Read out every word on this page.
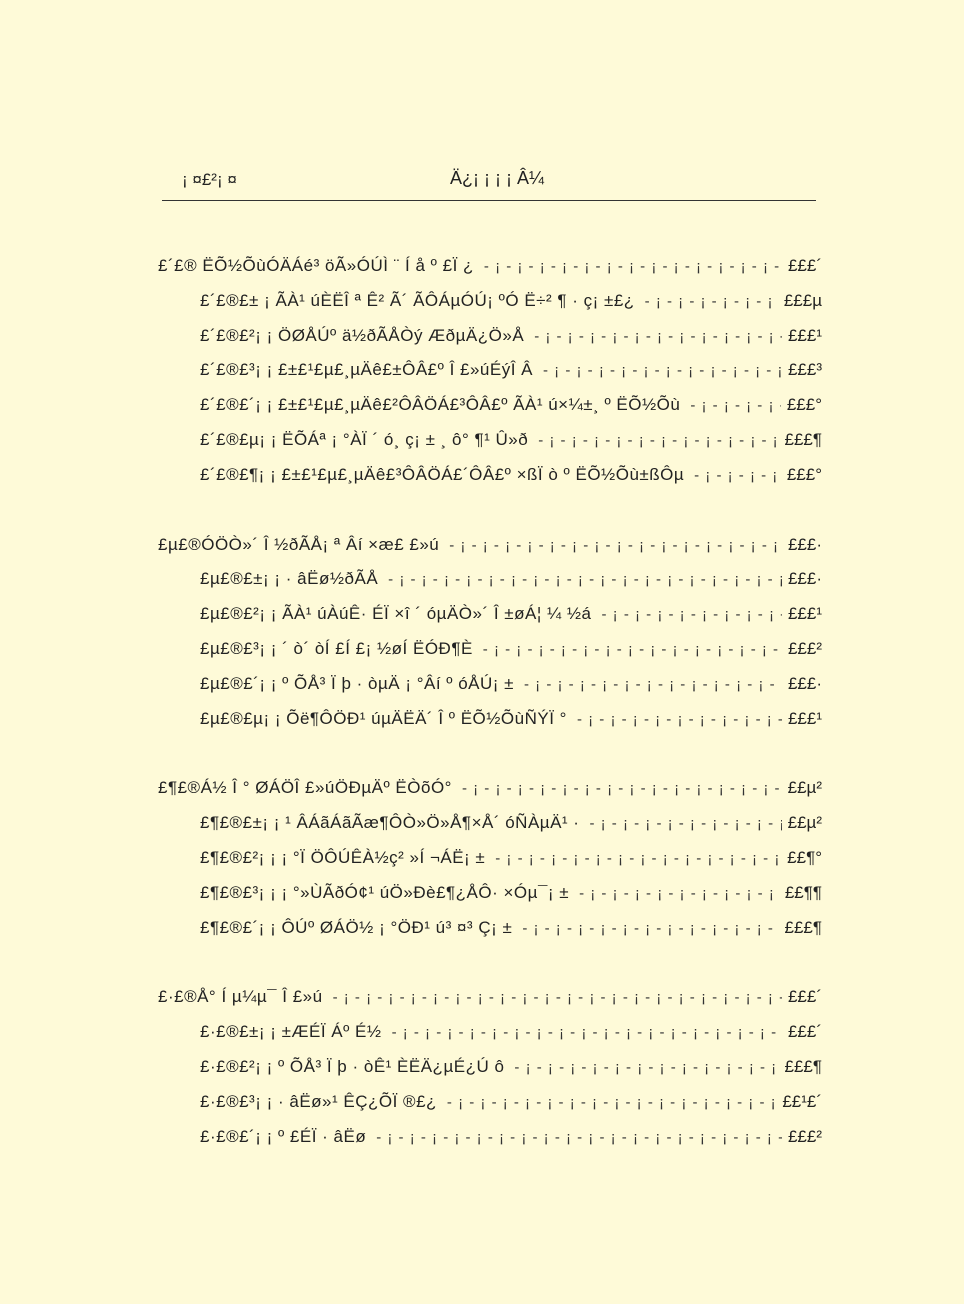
¡ ¤£²¡ ¤	Ä¿¡ ¡ ¡ ¡ Â¼
£´£® ËÕ½ÕùÓÄÁé³ öÃ»ÓÚÌ ¨ Í å º £Ï ¿ - ¡ - ¡ - ¡ - ¡ - ¡ - ¡ - ¡ - ¡ - ¡ - ¡ - ¡ - ¡ - ¡ - ¡ - ¡ - ¡ - ¡ - ¡ - ¡ - ¡ - ¡ - ¡ - ¡ - ¡ - ¡ - ¡ - ¡ - ¡ - ¡ - ¡ - ¡ - ¡ - ¡ - ¡ -	£££´
£´£®£± ¡ ÃÀ¹ úÈËÎ ª Ê² Ã´ ÃÔÁµÓÚ¡ ºÓ Ë÷² ¶ · ç¡ ±£¿ - ¡ - ¡ - ¡ - ¡ - ¡ - ¡ - ¡ - ¡ - ¡ - ¡ - ¡ - ¡ - ¡ - ¡ - ¡ - ¡ - ¡ - ¡ - ¡ - ¡ - ¡ - ¡ - ¡ - ¡ - ¡ - ¡ - ¡ - ¡ - ¡ - ¡ - ¡ - ¡ - ¡ - ¡ -	£££µ
£´£®£²¡ ¡ ÖØÅÚº ä½ðÃÅÒý ÆðµÄ¿Ö»Å - ¡ - ¡ - ¡ - ¡ - ¡ - ¡ - ¡ - ¡ - ¡ - ¡ - ¡ - ¡ - ¡ - ¡ - ¡ - ¡ - ¡ - ¡ - ¡ - ¡ - ¡ - ¡ - ¡ - ¡ - ¡ - ¡ - ¡ - ¡ - ¡ - ¡ - ¡ - ¡ - ¡ - ¡ -	£££¹
£´£®£³¡ ¡ £±£¹£µ£¸µÄê£±ÔÂ£º Î £»úÉýÎ Â - ¡ - ¡ - ¡ - ¡ - ¡ - ¡ - ¡ - ¡ - ¡ - ¡ - ¡ - ¡ - ¡ - ¡ - ¡ - ¡ - ¡ - ¡ - ¡ - ¡ - ¡ - ¡ - ¡ - ¡ - ¡ - ¡ - ¡ - ¡ - ¡ - ¡ - ¡ - ¡ - ¡ - ¡ -	£££³
£´£®£´¡ ¡ £±£¹£µ£¸µÄê£²ÔÂÖÁ£³ÔÂ£º ÃÀ¹ ú×¼±¸ º ËÕ½Õù - ¡ - ¡ - ¡ - ¡ - ¡ - ¡ - ¡ - ¡ - ¡ - ¡ - ¡ - ¡ - ¡ - ¡ - ¡ - ¡ - ¡ - ¡ - ¡ - ¡ - ¡ - ¡ - ¡ - ¡ - ¡ - ¡ - ¡ - ¡ - ¡ - ¡ - ¡ - ¡ - ¡ - ¡ -	£££°
£´£®£µ¡ ¡ ËÕÁª ¡ °ÀÏ ´ ó¸ ç¡ ± ¸ ô° ¶¹ Û»ð - ¡ - ¡ - ¡ - ¡ - ¡ - ¡ - ¡ - ¡ - ¡ - ¡ - ¡ - ¡ - ¡ - ¡ - ¡ - ¡ - ¡ - ¡ - ¡ - ¡ - ¡ - ¡ - ¡ - ¡ - ¡ - ¡ - ¡ - ¡ - ¡ - ¡ - ¡ - ¡ - ¡ - ¡ -	£££¶
£´£®£¶¡ ¡ £±£¹£µ£¸µÄê£³ÔÂÖÁ£´ÔÂ£º ×ßÏ ò º ËÕ½Õù±ßÔµ - ¡ - ¡ - ¡ - ¡ - ¡ - ¡ - ¡ - ¡ - ¡ - ¡ - ¡ - ¡ - ¡ - ¡ - ¡ - ¡ - ¡ - ¡ - ¡ - ¡ - ¡ - ¡ - ¡ - ¡ - ¡ - ¡ - ¡ - ¡ - ¡ - ¡ - ¡ - ¡ - ¡ - ¡ -	£££°
£µ£®ÓÖÒ»´ Î ½ðÃÅ¡ ª Âí ×æ£ £»ú - ¡ - ¡ - ¡ - ¡ - ¡ - ¡ - ¡ - ¡ - ¡ - ¡ - ¡ - ¡ - ¡ - ¡ - ¡ - ¡ - ¡ - ¡ - ¡ - ¡ - ¡ - ¡ - ¡ - ¡ - ¡ - ¡ - ¡ - ¡ - ¡ - ¡ - ¡ - ¡ - ¡ - ¡ -	£££·
£µ£®£±¡ ¡ · âËø½ðÃÅ - ¡ - ¡ - ¡ - ¡ - ¡ - ¡ - ¡ - ¡ - ¡ - ¡ - ¡ - ¡ - ¡ - ¡ - ¡ - ¡ - ¡ - ¡ - ¡ - ¡ - ¡ - ¡ - ¡ - ¡ - ¡ - ¡ - ¡ - ¡ - ¡ - ¡ - ¡ - ¡ - ¡ - ¡ -	£££·
£µ£®£²¡ ¡ ÃÀ¹ úÀúÊ· ÉÏ ×î ´ óµÄÒ»´ Î ±øÁ¦ ¼ ½á - ¡ - ¡ - ¡ - ¡ - ¡ - ¡ - ¡ - ¡ - ¡ - ¡ - ¡ - ¡ - ¡ - ¡ - ¡ - ¡ - ¡ - ¡ - ¡ - ¡ - ¡ - ¡ - ¡ - ¡ - ¡ - ¡ - ¡ - ¡ - ¡ - ¡ - ¡ - ¡ - ¡ - ¡ -	£££¹
£µ£®£³¡ ¡ ´ ò´ òÍ £Í £¡ ½øÍ ËÓÐ¶È - ¡ - ¡ - ¡ - ¡ - ¡ - ¡ - ¡ - ¡ - ¡ - ¡ - ¡ - ¡ - ¡ - ¡ - ¡ - ¡ - ¡ - ¡ - ¡ - ¡ - ¡ - ¡ - ¡ - ¡ - ¡ - ¡ - ¡ - ¡ - ¡ - ¡ - ¡ - ¡ - ¡ - ¡ -	£££²
£µ£®£´¡ ¡ º ÕÅ³ Ï þ · òµÄ ¡ °Âí º óÅÚ¡ ± - ¡ - ¡ - ¡ - ¡ - ¡ - ¡ - ¡ - ¡ - ¡ - ¡ - ¡ - ¡ - ¡ - ¡ - ¡ - ¡ - ¡ - ¡ - ¡ - ¡ - ¡ - ¡ - ¡ - ¡ - ¡ - ¡ - ¡ - ¡ - ¡ - ¡ - ¡ - ¡ - ¡ - ¡ -	£££·
£µ£®£µ¡ ¡ Õë¶ÔÖÐ¹ úµÄËÄ´ Î º ËÕ½ÕùÑÝÏ ° - ¡ - ¡ - ¡ - ¡ - ¡ - ¡ - ¡ - ¡ - ¡ - ¡ - ¡ - ¡ - ¡ - ¡ - ¡ - ¡ - ¡ - ¡ - ¡ - ¡ - ¡ - ¡ - ¡ - ¡ - ¡ - ¡ - ¡ - ¡ - ¡ - ¡ - ¡ - ¡ - ¡ - ¡ -	£££¹
£¶£®Á½ Î ° ØÁÖÎ £»úÖÐµÄº ËÒõÓ° - ¡ - ¡ - ¡ - ¡ - ¡ - ¡ - ¡ - ¡ - ¡ - ¡ - ¡ - ¡ - ¡ - ¡ - ¡ - ¡ - ¡ - ¡ - ¡ - ¡ - ¡ - ¡ - ¡ - ¡ - ¡ - ¡ - ¡ - ¡ - ¡ - ¡ - ¡ - ¡ - ¡ - ¡ -	££µ²
£¶£®£±¡ ¡ ¹ ÂÁãÁãÃæ¶ÔÒ»Ö»Å¶×Å´ óÑÀµÄ¹ · - ¡ - ¡ - ¡ - ¡ - ¡ - ¡ - ¡ - ¡ - ¡ - ¡ - ¡ - ¡ - ¡ - ¡ - ¡ - ¡ - ¡ - ¡ - ¡ - ¡ - ¡ - ¡ - ¡ - ¡ - ¡ - ¡ - ¡ - ¡ - ¡ - ¡ - ¡ - ¡ - ¡ - ¡ -	££µ²
£¶£®£²¡ ¡ ¡ °Ï ÖÔÚÊÀ½ç² »Í ¬ÁË¡ ± - ¡ - ¡ - ¡ - ¡ - ¡ - ¡ - ¡ - ¡ - ¡ - ¡ - ¡ - ¡ - ¡ - ¡ - ¡ - ¡ - ¡ - ¡ - ¡ - ¡ - ¡ - ¡ - ¡ - ¡ - ¡ - ¡ - ¡ - ¡ - ¡ - ¡ - ¡ - ¡ - ¡ - ¡ -	££¶°
£¶£®£³¡ ¡ ¡ °»ÙÃðÓ¢¹ úÖ»Ðè£¶¿ÅÔ· ×Óµ¯¡ ± - ¡ - ¡ - ¡ - ¡ - ¡ - ¡ - ¡ - ¡ - ¡ - ¡ - ¡ - ¡ - ¡ - ¡ - ¡ - ¡ - ¡ - ¡ - ¡ - ¡ - ¡ - ¡ - ¡ - ¡ - ¡ - ¡ - ¡ - ¡ - ¡ - ¡ - ¡ - ¡ - ¡ - ¡ -	££¶¶
£¶£®£´¡ ¡ ÔÚº ØÁÖ½ ¡ °ÖÐ¹ ú³ ¤³ Ç¡ ± - ¡ - ¡ - ¡ - ¡ - ¡ - ¡ - ¡ - ¡ - ¡ - ¡ - ¡ - ¡ - ¡ - ¡ - ¡ - ¡ - ¡ - ¡ - ¡ - ¡ - ¡ - ¡ - ¡ - ¡ - ¡ - ¡ - ¡ - ¡ - ¡ - ¡ - ¡ - ¡ - ¡ - ¡ -	£££¶
£·£®Å° Í µ¼µ¯ Î £»ú - ¡ - ¡ - ¡ - ¡ - ¡ - ¡ - ¡ - ¡ - ¡ - ¡ - ¡ - ¡ - ¡ - ¡ - ¡ - ¡ - ¡ - ¡ - ¡ - ¡ - ¡ - ¡ - ¡ - ¡ - ¡ - ¡ - ¡ - ¡ - ¡ - ¡ - ¡ - ¡ - ¡ - ¡ -	£££´
£·£®£±¡ ¡ ±ÆÉÏ Áº É½ - ¡ - ¡ - ¡ - ¡ - ¡ - ¡ - ¡ - ¡ - ¡ - ¡ - ¡ - ¡ - ¡ - ¡ - ¡ - ¡ - ¡ - ¡ - ¡ - ¡ - ¡ - ¡ - ¡ - ¡ - ¡ - ¡ - ¡ - ¡ - ¡ - ¡ - ¡ - ¡ - ¡ - ¡ -	£££´
£·£®£²¡ ¡ º ÕÅ³ Ï þ · òÊ¹ ÈËÄ¿µÉ¿Ú ô - ¡ - ¡ - ¡ - ¡ - ¡ - ¡ - ¡ - ¡ - ¡ - ¡ - ¡ - ¡ - ¡ - ¡ - ¡ - ¡ - ¡ - ¡ - ¡ - ¡ - ¡ - ¡ - ¡ - ¡ - ¡ - ¡ - ¡ - ¡ - ¡ - ¡ - ¡ - ¡ - ¡ - ¡ -	£££¶
£·£®£³¡ ¡ · âËø»¹ ÊÇ¿ÕÏ ®£¿ - ¡ - ¡ - ¡ - ¡ - ¡ - ¡ - ¡ - ¡ - ¡ - ¡ - ¡ - ¡ - ¡ - ¡ - ¡ - ¡ - ¡ - ¡ - ¡ - ¡ - ¡ - ¡ - ¡ - ¡ - ¡ - ¡ - ¡ - ¡ - ¡ - ¡ - ¡ - ¡ - ¡ - ¡ -	££¹£´
£·£®£´¡ ¡ º £ÉÏ · âËø - ¡ - ¡ - ¡ - ¡ - ¡ - ¡ - ¡ - ¡ - ¡ - ¡ - ¡ - ¡ - ¡ - ¡ - ¡ - ¡ - ¡ - ¡ - ¡ - ¡ - ¡ - ¡ - ¡ - ¡ - ¡ - ¡ - ¡ - ¡ - ¡ - ¡ - ¡ - ¡ - ¡ - ¡ -	£££²
